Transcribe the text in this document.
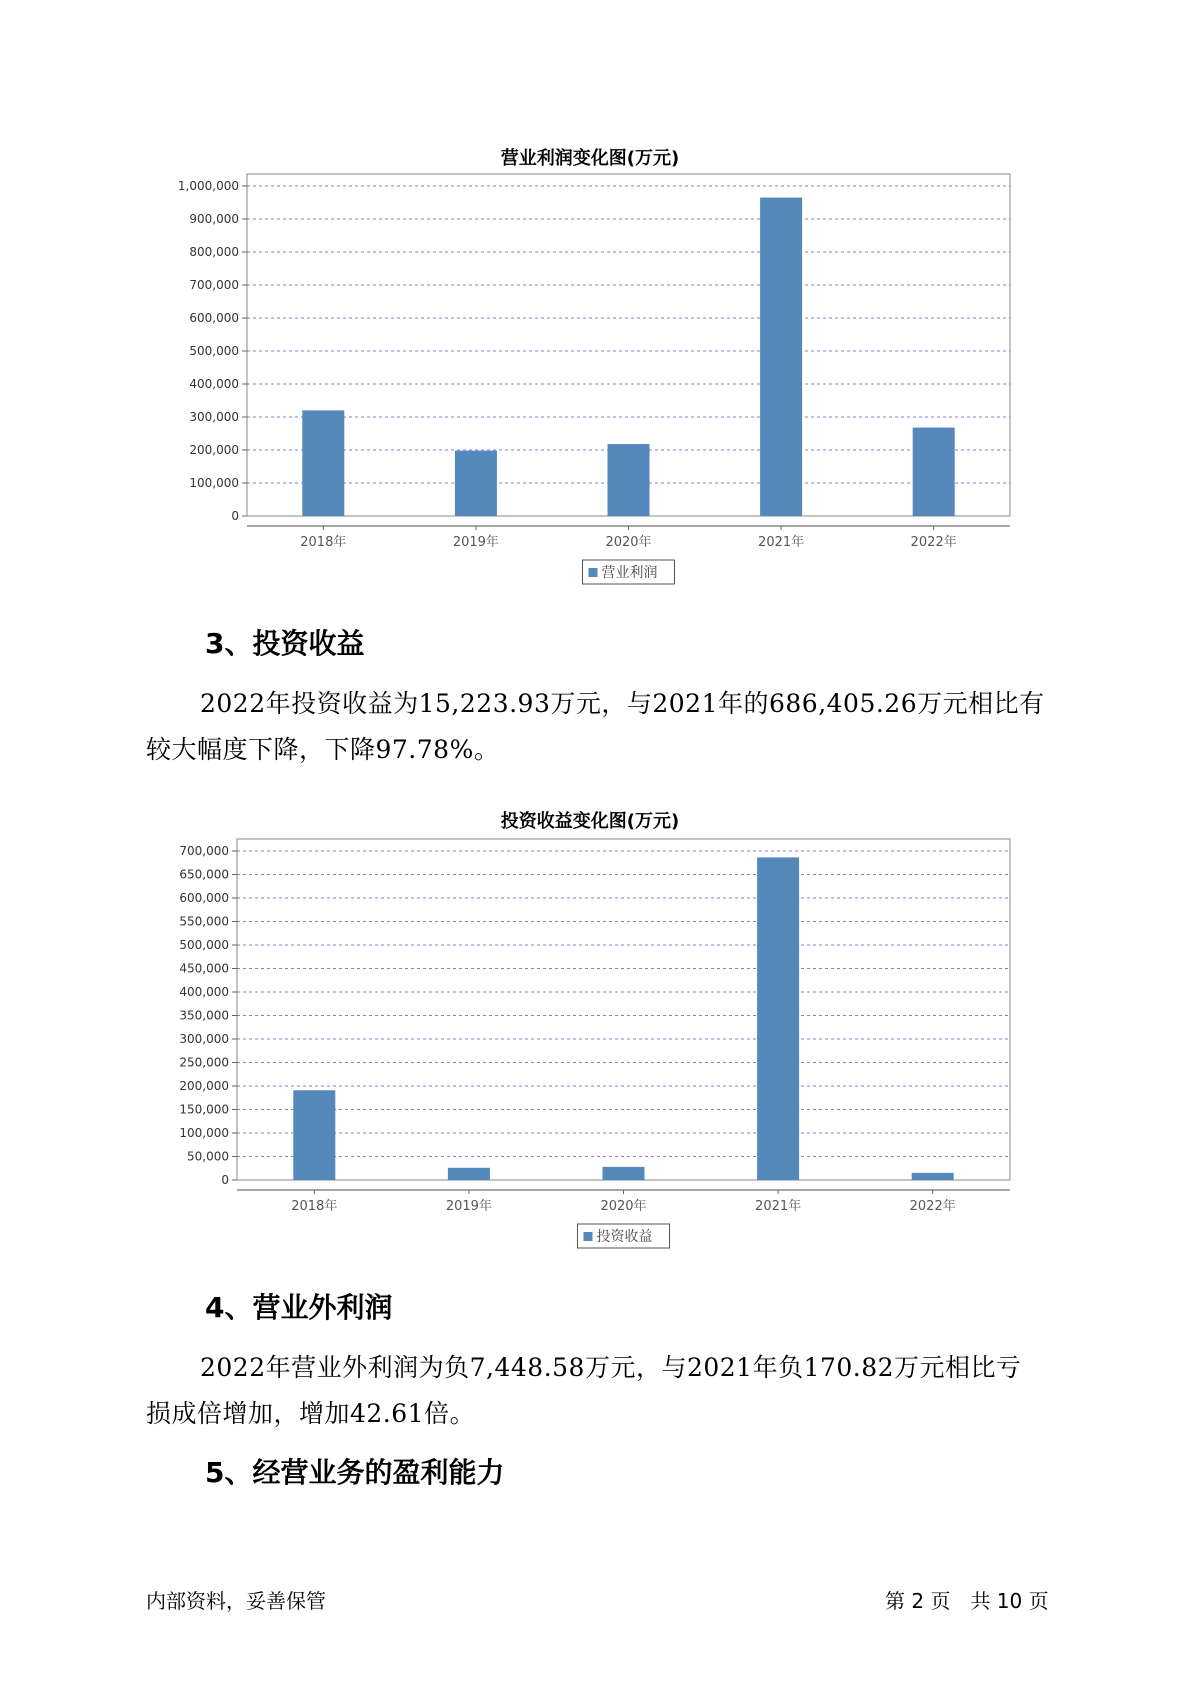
营业利润变化图(万元)
0
100,000
200,000
300,000
400,000
500,000
600,000
700,000
800,000
900,000
1,000,000
2018年	2019年	2020年	2021年	2022年
营业利润
3、投资收益
2022年投资收益为15,223.93万元，与2021年的686,405.26万元相比有
较大幅度下降，下降97.78%。
投资收益变化图(万元)
0
50,000
100,000
150,000
200,000
250,000
300,000
350,000
400,000
450,000
500,000
550,000
600,000
650,000
700,000
2018年	2019年	2020年	2021年	2022年
投资收益
4、营业外利润
2022年营业外利润为负7,448.58万元，与2021年负170.82万元相比亏
损成倍增加，增加42.61倍。
5、经营业务的盈利能力
内部资料，妥善保管	第 2 页　共 10 页
